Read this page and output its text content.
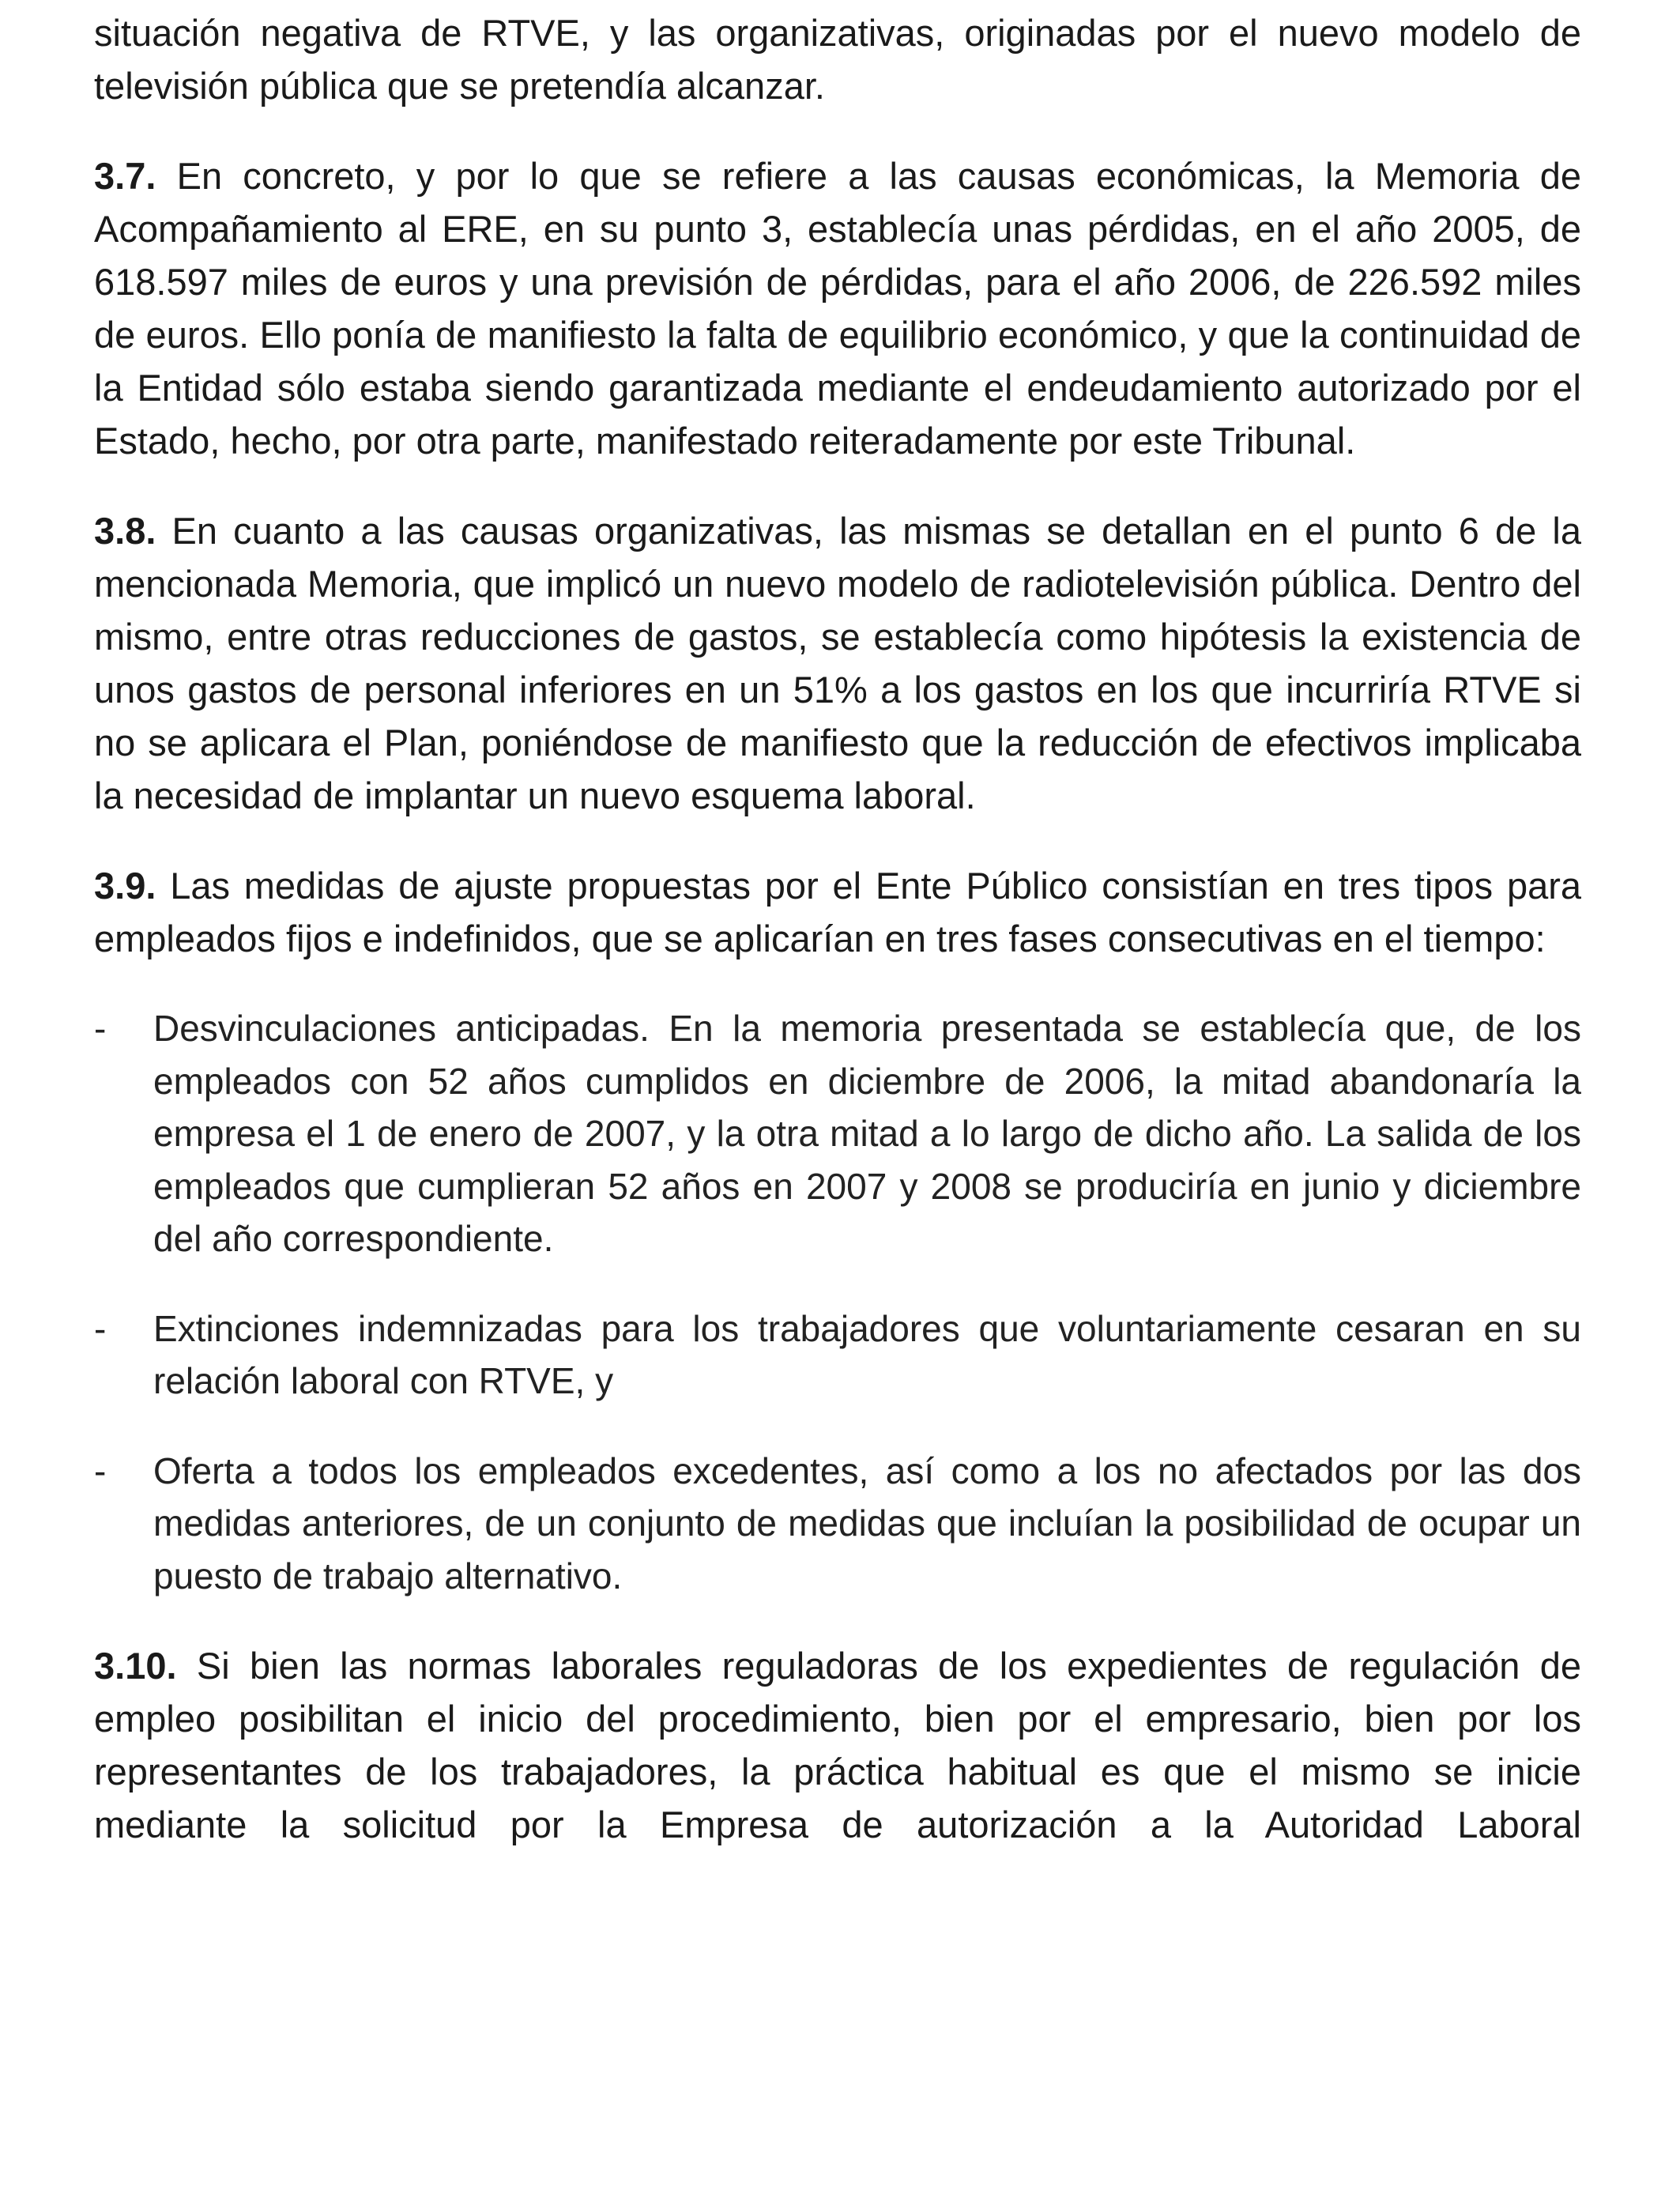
situación negativa de RTVE, y las organizativas, originadas por el nuevo modelo de televisión pública que se pretendía alcanzar.

3.7. En concreto, y por lo que se refiere a las causas económicas, la Memoria de Acompañamiento al ERE, en su punto 3, establecía unas pérdidas, en el año 2005, de 618.597 miles de euros y una previsión de pérdidas, para el año 2006, de 226.592 miles de euros. Ello ponía de manifiesto la falta de equilibrio económico, y que la continuidad de la Entidad sólo estaba siendo garantizada mediante el endeudamiento autorizado por el Estado, hecho, por otra parte, manifestado reiteradamente por este Tribunal.

3.8. En cuanto a las causas organizativas, las mismas se detallan en el punto 6 de la mencionada Memoria, que implicó un nuevo modelo de radiotelevisión pública. Dentro del mismo, entre otras reducciones de gastos, se establecía como hipótesis la existencia de unos gastos de personal inferiores en un 51% a los gastos en los que incurriría RTVE si no se aplicara el Plan, poniéndose de manifiesto que la reducción de efectivos implicaba la necesidad de implantar un nuevo esquema laboral.

3.9. Las medidas de ajuste propuestas por el Ente Público consistían en tres tipos para empleados fijos e indefinidos, que se aplicarían en tres fases consecutivas en el tiempo:

- Desvinculaciones anticipadas. En la memoria presentada se establecía que, de los empleados con 52 años cumplidos en diciembre de 2006, la mitad abandonaría la empresa el 1 de enero de 2007, y la otra mitad a lo largo de dicho año. La salida de los empleados que cumplieran 52 años en 2007 y 2008 se produciría en junio y diciembre del año correspondiente.
- Extinciones indemnizadas para los trabajadores que voluntariamente cesaran en su relación laboral con RTVE, y
- Oferta a todos los empleados excedentes, así como a los no afectados por las dos medidas anteriores, de un conjunto de medidas que incluían la posibilidad de ocupar un puesto de trabajo alternativo.

3.10. Si bien las normas laborales reguladoras de los expedientes de regulación de empleo posibilitan el inicio del procedimiento, bien por el empresario, bien por los representantes de los trabajadores, la práctica habitual es que el mismo se inicie mediante la solicitud por la Empresa de autorización a la Autoridad Laboral
